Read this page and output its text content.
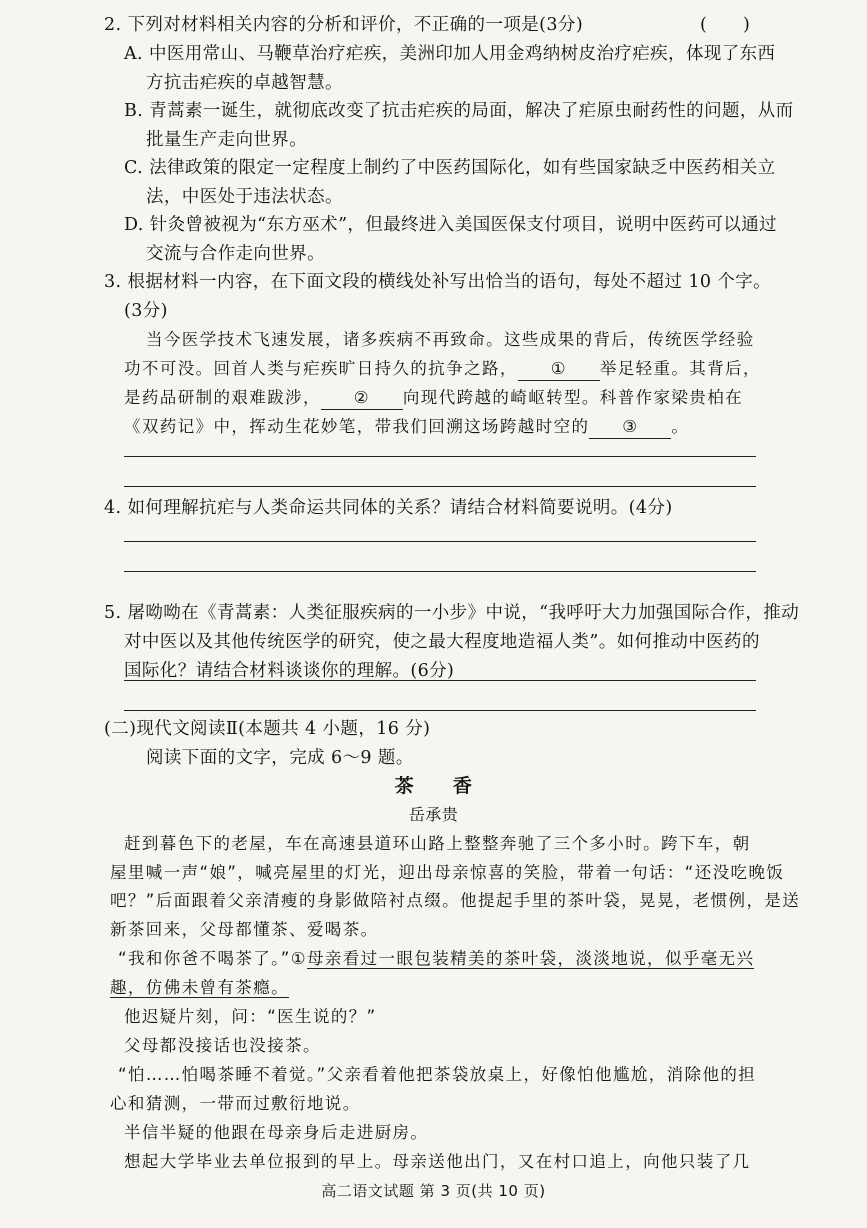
2. 下列对材料相关内容的分析和评价，不正确的一项是(3分)	(　　)
A. 中医用常山、马鞭草治疗疟疾，美洲印加人用金鸡纳树皮治疗疟疾，体现了东西
方抗击疟疾的卓越智慧。
B. 青蒿素一诞生，就彻底改变了抗击疟疾的局面，解决了疟原虫耐药性的问题，从而
批量生产走向世界。
C. 法律政策的限定一定程度上制约了中医药国际化，如有些国家缺乏中医药相关立
法，中医处于违法状态。
D. 针灸曾被视为“东方巫术”，但最终进入美国医保支付项目，说明中医药可以通过
交流与合作走向世界。
3. 根据材料一内容，在下面文段的横线处补写出恰当的语句，每处不超过 10 个字。
(3分)
当今医学技术飞速发展，诸多疾病不再致命。这些成果的背后，传统医学经验
功不可没。回首人类与疟疾旷日持久的抗争之路， ① 举足轻重。其背后，
是药品研制的艰难跋涉， ② 向现代跨越的崎岖转型。科普作家梁贵柏在
《双药记》中，挥动生花妙笔，带我们回溯这场跨越时空的 ③ 。
4. 如何理解抗疟与人类命运共同体的关系？请结合材料简要说明。(4分)
5. 屠呦呦在《青蒿素：人类征服疾病的一小步》中说，“我呼吁大力加强国际合作，推动
对中医以及其他传统医学的研究，使之最大程度地造福人类”。如何推动中医药的
国际化？请结合材料谈谈你的理解。(6分)
(二)现代文阅读Ⅱ(本题共 4 小题，16 分)
阅读下面的文字，完成 6～9 题。
茶　　香
岳承贵
赶到暮色下的老屋，车在高速县道环山路上整整奔驰了三个多小时。跨下车，朝
屋里喊一声“娘”，喊亮屋里的灯光，迎出母亲惊喜的笑脸，带着一句话：“还没吃晚饭
吧？”后面跟着父亲清瘦的身影做陪衬点缀。他提起手里的茶叶袋，晃晃，老惯例，是送
新茶回来，父母都懂茶、爱喝茶。
“我和你爸不喝茶了。”①母亲看过一眼包装精美的茶叶袋，淡淡地说，似乎毫无兴
趣，仿佛未曾有茶瘾。
他迟疑片刻，问：“医生说的？”
父母都没接话也没接茶。
“怕……怕喝茶睡不着觉。”父亲看着他把茶袋放桌上，好像怕他尴尬，消除他的担
心和猜测，一带而过敷衍地说。
半信半疑的他跟在母亲身后走进厨房。
想起大学毕业去单位报到的早上。母亲送他出门，又在村口追上，向他只装了几
高二语文试题 第 3 页(共 10 页)
